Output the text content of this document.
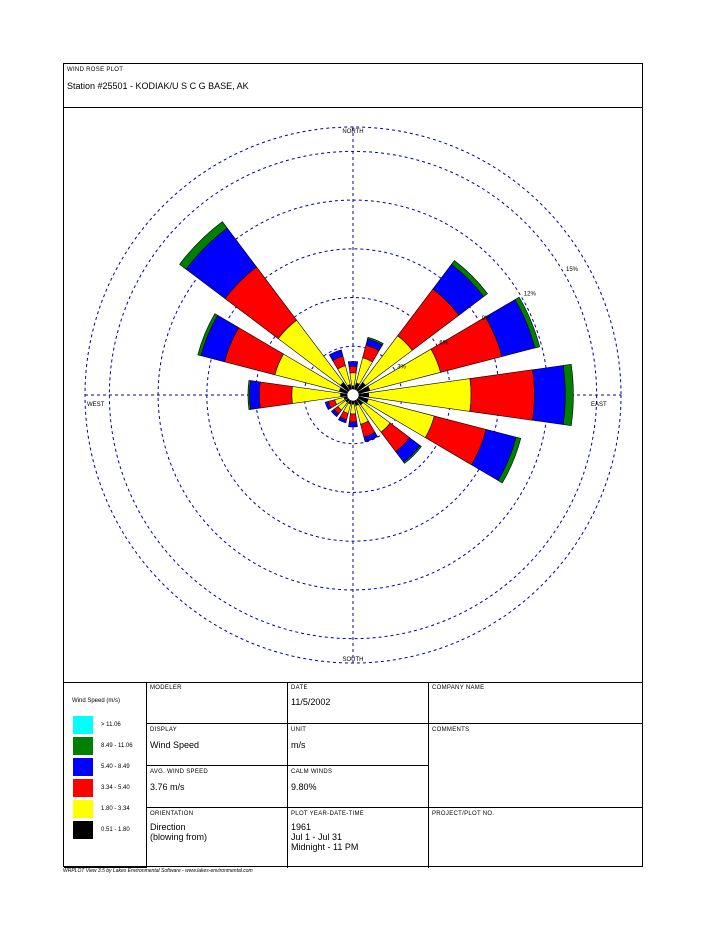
WIND ROSE PLOT
Station #25501 - KODIAK/U S C G BASE, AK
3%
6%
9%
12%
15%
NORTH
SOUTH
EAST
WEST
Wind Speed (m/s)
> 11.06
8.49 - 11.06
5.40 - 8.49
3.34 - 5.40
1.80 - 3.34
0.51 - 1.80
MODELER	DATE
11/5/2002
COMPANY NAME
DISPLAY
Wind Speed
UNIT
m/s
COMMENTS
AVG. WIND SPEED
3.76 m/s
CALM WINDS
9.80%
ORIENTATION
Direction
(blowing from)
PLOT YEAR-DATE-TIME
1961
Jul 1 - Jul 31
Midnight - 11 PM
PROJECT/PLOT NO.
WRPLOT View 3.5 by Lakes Environmental Software - www.lakes-environmental.com
